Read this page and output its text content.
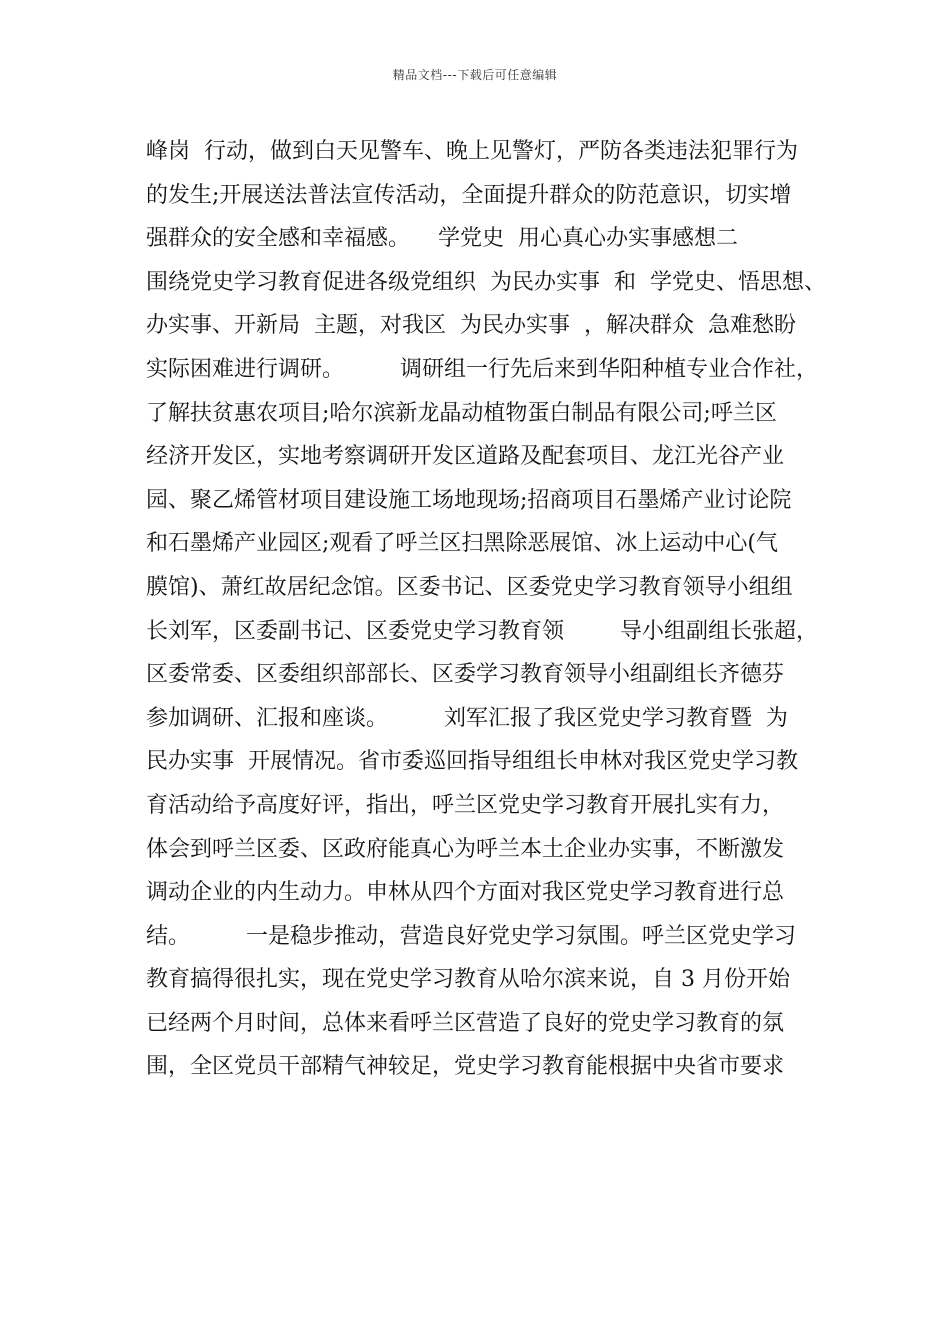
精品文档---下载后可任意编辑
峰岗  行动，做到白天见警车、晚上见警灯，严防各类违法犯罪行为
的发生;开展送法普法宣传活动，全面提升群众的防范意识，切实增
强群众的安全感和幸福感。    学党史  用心真心办实事感想二
围绕党史学习教育促进各级党组织  为民办实事  和  学党史、悟思想、
办实事、开新局  主题，对我区  为民办实事  ，解决群众  急难愁盼
实际困难进行调研。        调研组一行先后来到华阳种植专业合作社，
了解扶贫惠农项目;哈尔滨新龙晶动植物蛋白制品有限公司;呼兰区
经济开发区，实地考察调研开发区道路及配套项目、龙江光谷产业
园、聚乙烯管材项目建设施工场地现场;招商项目石墨烯产业讨论院
和石墨烯产业园区;观看了呼兰区扫黑除恶展馆、冰上运动中心(气
膜馆)、萧红故居纪念馆。区委书记、区委党史学习教育领导小组组
长刘军，区委副书记、区委党史学习教育领        导小组副组长张超，
区委常委、区委组织部部长、区委学习教育领导小组副组长齐德芬
参加调研、汇报和座谈。        刘军汇报了我区党史学习教育暨  为
民办实事  开展情况。省市委巡回指导组组长申林对我区党史学习教
育活动给予高度好评，指出，呼兰区党史学习教育开展扎实有力，
体会到呼兰区委、区政府能真心为呼兰本土企业办实事，不断激发
调动企业的内生动力。申林从四个方面对我区党史学习教育进行总
结。        一是稳步推动，营造良好党史学习氛围。呼兰区党史学习
教育搞得很扎实，现在党史学习教育从哈尔滨来说，自 3 月份开始
已经两个月时间，总体来看呼兰区营造了良好的党史学习教育的氛
围，全区党员干部精气神较足，党史学习教育能根据中央省市要求
